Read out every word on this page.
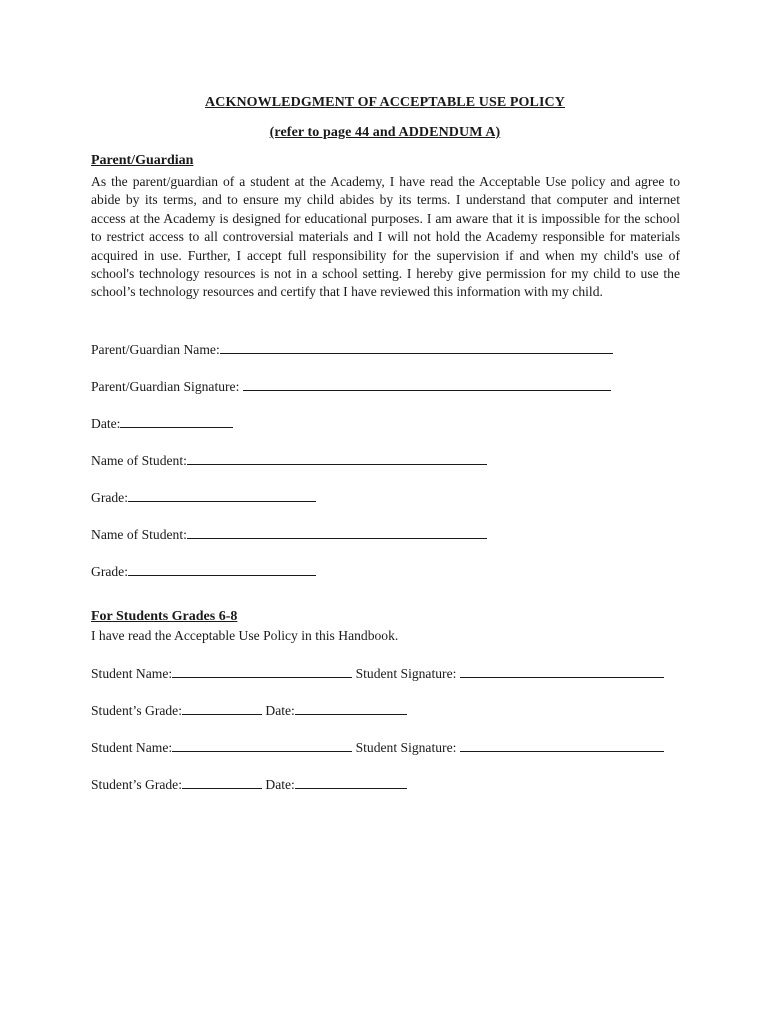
ACKNOWLEDGMENT OF ACCEPTABLE USE POLICY
(refer to page 44 and ADDENDUM A)
Parent/Guardian

As the parent/guardian of a student at the Academy, I have read the Acceptable Use policy and agree to abide by its terms, and to ensure my child abides by its terms. I understand that computer and internet access at the Academy is designed for educational purposes. I am aware that it is impossible for the school to restrict access to all controversial materials and I will not hold the Academy responsible for materials acquired in use. Further, I accept full responsibility for the supervision if and when my child's use of school's technology resources is not in a school setting. I hereby give permission for my child to use the school’s technology resources and certify that I have reviewed this information with my child.

Parent/Guardian Name:
Parent/Guardian Signature:
Date:
Name of Student:
Grade:
Name of Student:
Grade:
For Students Grades 6-8
I have read the Acceptable Use Policy in this Handbook.
Student Name:	Student Signature:
Student’s Grade:	Date:
Student Name:	Student Signature:
Student’s Grade:	Date:
